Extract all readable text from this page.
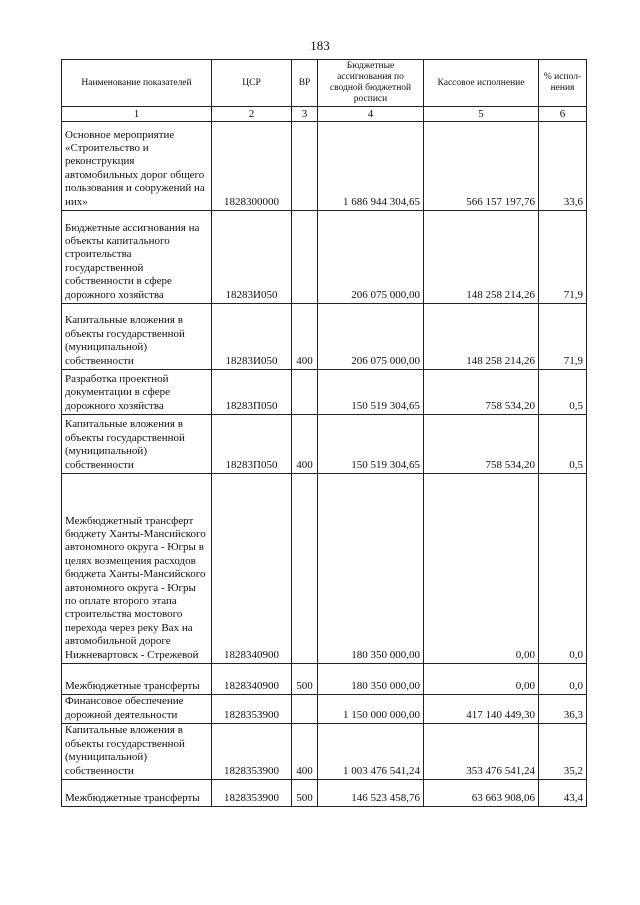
183
Наименование показателей	ЦСР	ВР	Бюджетные ассигнования по сводной бюджетной росписи	Кассовое исполнение	% испол-нения
1	2	3	4	5	6
Основное мероприятие «Строительство и реконструкция автомобильных дорог общего пользования и сооружений на них»	1828300000		1 686 944 304,65	566 157 197,76	33,6
Бюджетные ассигнования на объекты капитального строительства государственной собственности в сфере дорожного хозяйства	18283И050		206 075 000,00	148 258 214,26	71,9
Капитальные вложения в объекты государственной (муниципальной) собственности	18283И050	400	206 075 000,00	148 258 214,26	71,9
Разработка проектной документации в сфере дорожного хозяйства	18283П050		150 519 304,65	758 534,20	0,5
Капитальные вложения в объекты государственной (муниципальной) собственности	18283П050	400	150 519 304,65	758 534,20	0,5
Межбюджетный трансферт бюджету Ханты-Мансийского автономного округа - Югры в целях возмещения расходов бюджета Ханты-Мансийского автономного округа - Югры по оплате второго этапа строительства мостового перехода через реку Вах на автомобильной дороге Нижневартовск - Стрежевой	1828340900		180 350 000,00	0,00	0,0
Межбюджетные трансферты	1828340900	500	180 350 000,00	0,00	0,0
Финансовое обеспечение дорожной деятельности	1828353900		1 150 000 000,00	417 140 449,30	36,3
Капитальные вложения в объекты государственной (муниципальной) собственности	1828353900	400	1 003 476 541,24	353 476 541,24	35,2
Межбюджетные трансферты	1828353900	500	146 523 458,76	63 663 908,06	43,4
